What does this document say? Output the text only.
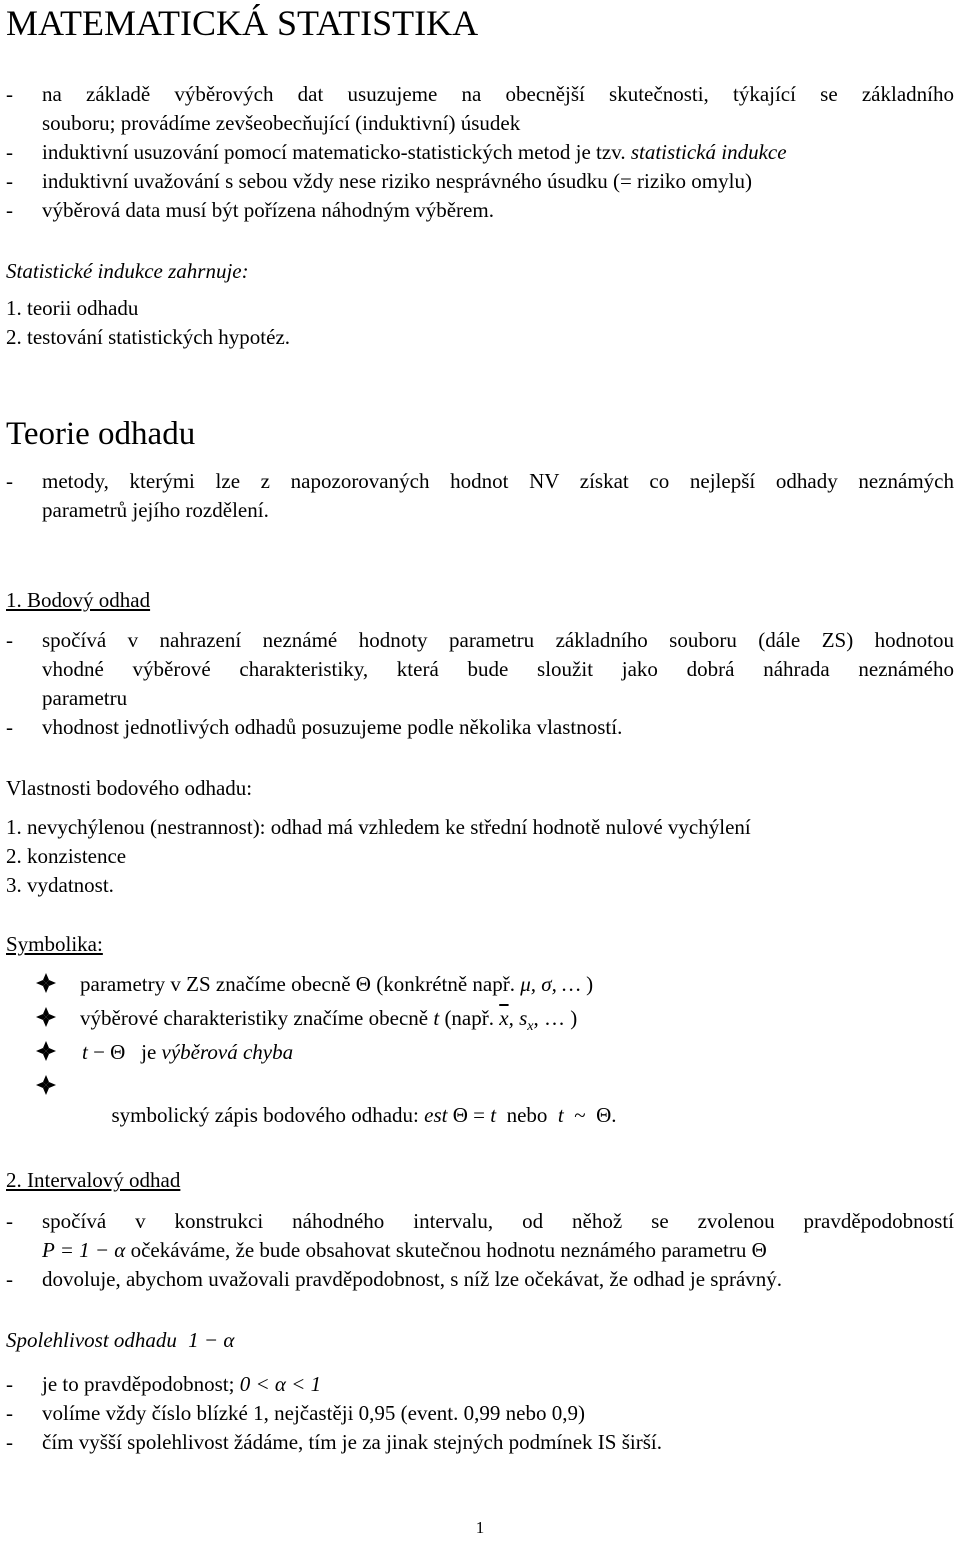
MATEMATICKÁ STATISTIKA
-	na základě výběrových dat usuzujeme na obecnější skutečnosti, týkající se základního
souboru; provádíme zevšeobecňující (induktivní) úsudek
-	induktivní usuzování pomocí matematicko-statistických metod je tzv. statistická indukce
-	induktivní uvažování s sebou vždy nese riziko nesprávného úsudku (= riziko omylu)
-	výběrová data musí být pořízena náhodným výběrem.
Statistické indukce zahrnuje:
1. teorii odhadu
2. testování statistických hypotéz.
Teorie odhadu
-	metody, kterými lze z napozorovaných hodnot NV získat co nejlepší odhady neznámých
parametrů jejího rozdělení.
1. Bodový odhad
-	spočívá v nahrazení neznámé hodnoty parametru základního souboru (dále ZS) hodnotou
vhodné výběrové charakteristiky, která bude sloužit jako dobrá náhrada neznámého
parametru
-	vhodnost jednotlivých odhadů posuzujeme podle několika vlastností.
Vlastnosti bodového odhadu:
1. nevychýlenou (nestrannost): odhad má vzhledem ke střední hodnotě nulové vychýlení
2. konzistence
3. vydatnost.
Symbolika:
parametry v ZS značíme obecně Θ (konkrétně např. μ, σ, … )
výběrové charakteristiky značíme obecně t (např. $\overline{x}$, $s_x$, … )
t − Θ   je výběrová chyba

symbolický zápis bodového odhadu: est Θ = t  nebo  t  ~  Θ.

2. Intervalový odhad
-	spočívá v konstrukci náhodného intervalu, od něhož se zvolenou pravděpodobností
P = 1 − α očekáváme, že bude obsahovat skutečnou hodnotu neznámého parametru Θ
-	dovoluje, abychom uvažovali pravděpodobnost, s níž lze očekávat, že odhad je správný.
Spolehlivost odhadu 1 − α
-	je to pravděpodobnost; 0 < α < 1
-	volíme vždy číslo blízké 1, nejčastěji 0,95 (event. 0,99 nebo 0,9)
-	čím vyšší spolehlivost žádáme, tím je za jinak stejných podmínek IS širší.
1
